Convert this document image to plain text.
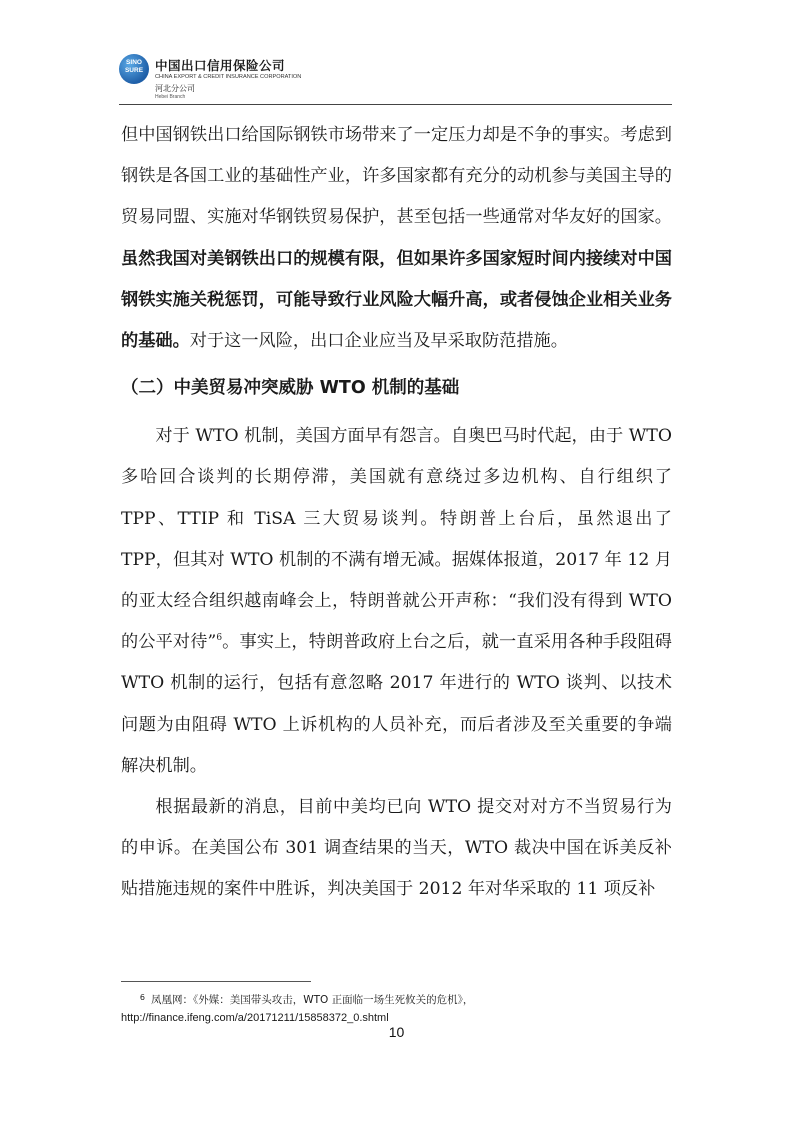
SINO SURE 中国出口信用保险公司
CHINA EXPORT & CREDIT INSURANCE CORPORATION
河北分公司
Hebei Branch

但中国钢铁出口给国际钢铁市场带来了一定压力却是不争的事实。考虑到钢铁是各国工业的基础性产业，许多国家都有充分的动机参与美国主导的贸易同盟、实施对华钢铁贸易保护，甚至包括一些通常对华友好的国家。虽然我国对美钢铁出口的规模有限，但如果许多国家短时间内接续对中国钢铁实施关税惩罚，可能导致行业风险大幅升高，或者侵蚀企业相关业务的基础。对于这一风险，出口企业应当及早采取防范措施。

（二）中美贸易冲突威胁 WTO 机制的基础

对于 WTO 机制，美国方面早有怨言。自奥巴马时代起，由于 WTO 多哈回合谈判的长期停滞，美国就有意绕过多边机构、自行组织了 TPP、TTIP 和 TiSA 三大贸易谈判。特朗普上台后，虽然退出了 TPP，但其对 WTO 机制的不满有增无减。据媒体报道，2017 年 12 月的亚太经合组织越南峰会上，特朗普就公开声称：“我们没有得到 WTO 的公平对待”$^6$。事实上，特朗普政府上台之后，就一直采用各种手段阻碍 WTO 机制的运行，包括有意忽略 2017 年进行的 WTO 谈判、以技术问题为由阻碍 WTO 上诉机构的人员补充，而后者涉及至关重要的争端解决机制。

根据最新的消息，目前中美均已向 WTO 提交对对方不当贸易行为的申诉。在美国公布 301 调查结果的当天，WTO 裁决中国在诉美反补贴措施违规的案件中胜诉，判决美国于 2012 年对华采取的 11 项反补

6 凤凰网：《外媒：美国带头攻击，WTO 正面临一场生死攸关的危机》，
http://finance.ifeng.com/a/20171211/15858372_0.shtml
10
